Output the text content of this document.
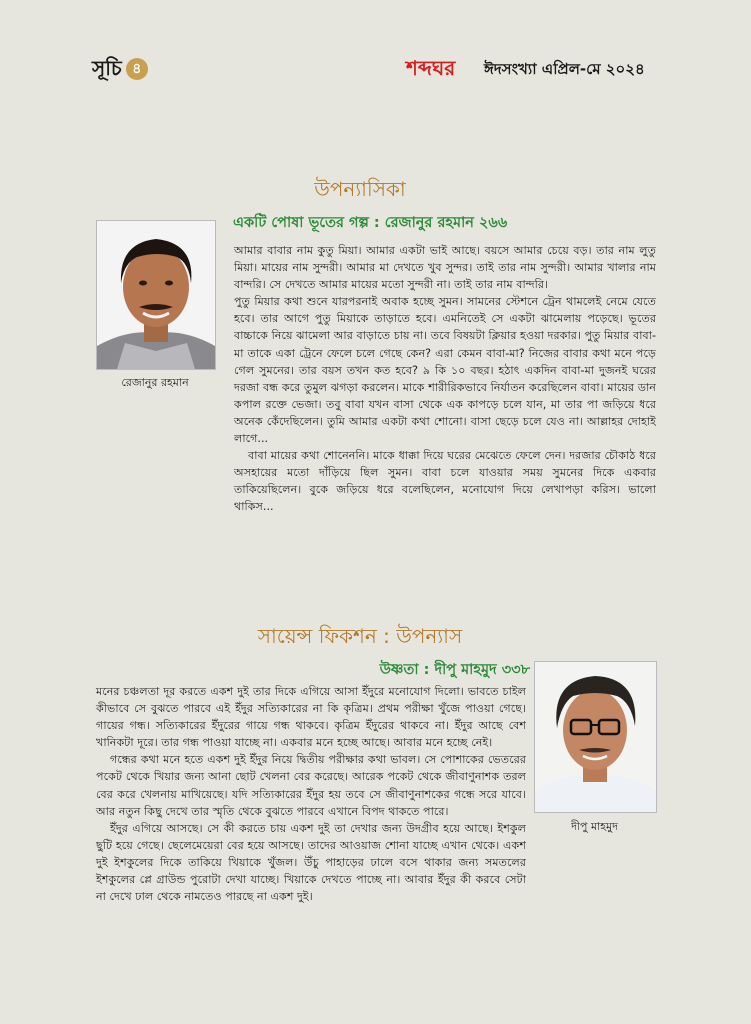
সূচি ৪	শব্দঘর ঈদসংখ্যা এপ্রিল-মে ২০২৪
উপন্যাসিকা
একটি পোষা ভূতের গল্প : রেজানুর রহমান ২৬৬
রেজানুর রহমান

আমার বাবার নাম কুতু মিয়া। আমার একটা ভাই আছে। বয়সে আমার চেয়ে বড়। তার নাম লুতু মিয়া। মায়ের নাম সুন্দরী। আমার মা দেখতে খুব সুন্দর। তাই তার নাম সুন্দরী। আমার খালার নাম বান্দরি। সে দেখতে আমার মায়ের মতো সুন্দরী না। তাই তার নাম বান্দরি।

পুতু মিয়ার কথা শুনে যারপরনাই অবাক হচ্ছে সুমন। সামনের স্টেশনে ট্রেন থামলেই নেমে যেতে হবে। তার আগে পুতু মিয়াকে তাড়াতে হবে। এমনিতেই সে একটা ঝামেলায় পড়েছে। ভূতের বাচ্চাকে নিয়ে ঝামেলা আর বাড়াতে চায় না। তবে বিষয়টা ক্লিয়ার হওয়া দরকার। পুতু মিয়ার বাবা-মা তাকে একা ট্রেনে ফেলে চলে গেছে কেন? এরা কেমন বাবা-মা? নিজের বাবার কথা মনে পড়ে গেল সুমনের। তার বয়স তখন কত হবে? ৯ কি ১০ বছর। হঠাৎ একদিন বাবা-মা দুজনই ঘরের দরজা বন্ধ করে তুমুল ঝগড়া করলেন। মাকে শারীরিকভাবে নির্যাতন করেছিলেন বাবা। মায়ের ডান কপাল রক্তে ভেজা। তবু বাবা যখন বাসা থেকে এক কাপড়ে চলে যান, মা তার পা জড়িয়ে ধরে অনেক কেঁদেছিলেন। তুমি আমার একটা কথা শোনো। বাসা ছেড়ে চলে যেও না। আল্লাহর দোহাই লাগে...

বাবা মায়ের কথা শোনেননি। মাকে ধাক্কা দিয়ে ঘরের মেঝেতে ফেলে দেন। দরজার চৌকাঠ ধরে অসহায়ের মতো দাঁড়িয়ে ছিল সুমন। বাবা চলে যাওয়ার সময় সুমনের দিকে একবার তাকিয়েছিলেন। বুকে জড়িয়ে ধরে বলেছিলেন, মনোযোগ দিয়ে লেখাপড়া করিস। ভালো থাকিস...

সায়েন্স ফিকশন : উপন্যাস
উষ্ণতা : দীপু মাহমুদ ৩৩৮
দীপু মাহমুদ

মনের চঞ্চলতা দূর করতে একশ দুই তার দিকে এগিয়ে আসা ইঁদুরে মনোযোগ দিলো। ভাবতে চাইল কীভাবে সে বুঝতে পারবে এই ইঁদুর সত্যিকারের না কি কৃত্রিম। প্রথম পরীক্ষা খুঁজে পাওয়া গেছে। গায়ের গন্ধ। সত্যিকারের ইঁদুরের গায়ে গন্ধ থাকবে। কৃত্রিম ইঁদুরের থাকবে না। ইঁদুর আছে বেশ খানিকটা দূরে। তার গন্ধ পাওয়া যাচ্ছে না। একবার মনে হচ্ছে আছে। আবার মনে হচ্ছে নেই।

গন্ধের কথা মনে হতে একশ দুই ইঁদুর নিয়ে দ্বিতীয় পরীক্ষার কথা ভাবল। সে পোশাকের ভেতরের পকেট থেকে খিয়ার জন্য আনা ছোট খেলনা বের করেছে। আরেক পকেট থেকে জীবাণুনাশক তরল বের করে খেলনায় মাখিয়েছে। যদি সত্যিকারের ইঁদুর হয় তবে সে জীবাণুনাশকের গন্ধে সরে যাবে। আর নতুন কিছু দেখে তার স্মৃতি থেকে বুঝতে পারবে এখানে বিপদ থাকতে পারে।

ইঁদুর এগিয়ে আসছে। সে কী করতে চায় একশ দুই তা দেখার জন্য উদগ্রীব হয়ে আছে। ইশকুল ছুটি হয়ে গেছে। ছেলেমেয়েরা বের হয়ে আসছে। তাদের আওয়াজ শোনা যাচ্ছে এখান থেকে। একশ দুই ইশকুলের দিকে তাকিয়ে খিয়াকে খুঁজল। উঁচু পাহাড়ের ঢালে বসে থাকার জন্য সমতলের ইশকুলের প্লে গ্রাউন্ড পুরোটা দেখা যাচ্ছে। খিয়াকে দেখতে পাচ্ছে না। আবার ইঁদুর কী করবে সেটা না দেখে ঢাল থেকে নামতেও পারছে না একশ দুই।
